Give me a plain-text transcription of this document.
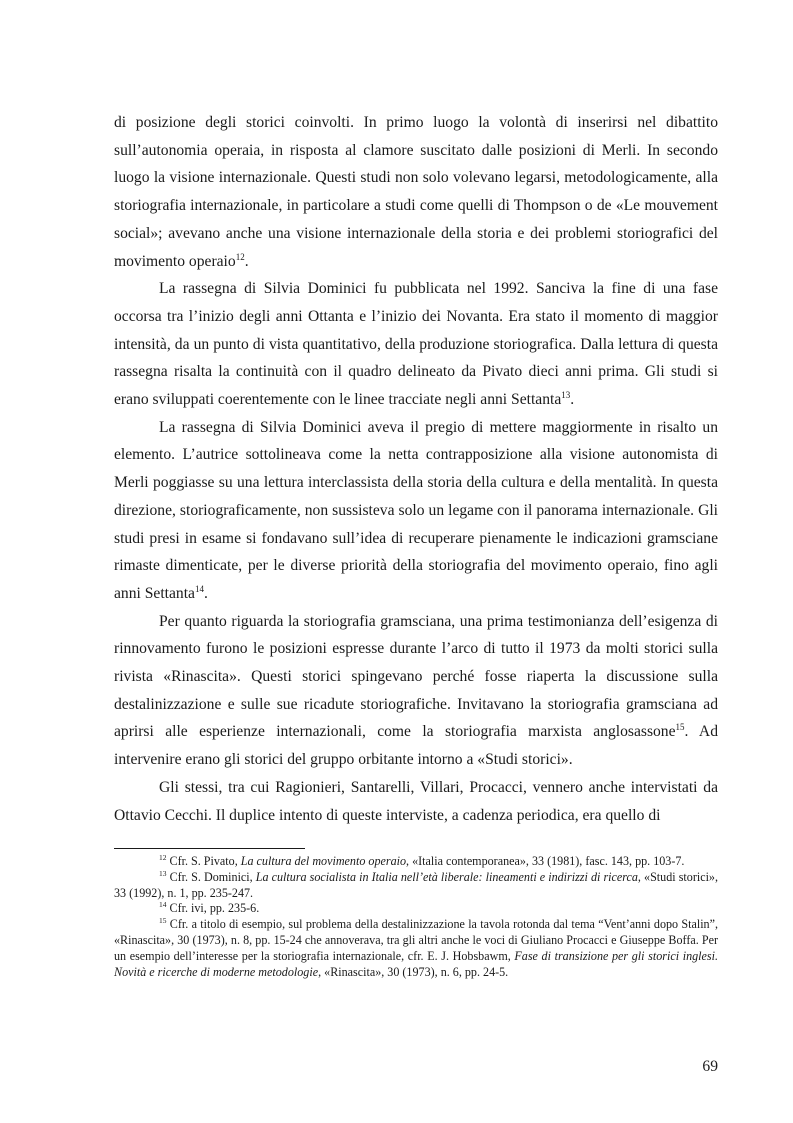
di posizione degli storici coinvolti. In primo luogo la volontà di inserirsi nel dibattito sull’autonomia operaia, in risposta al clamore suscitato dalle posizioni di Merli. In secondo luogo la visione internazionale. Questi studi non solo volevano legarsi, metodologicamente, alla storiografia internazionale, in particolare a studi come quelli di Thompson o de «Le mouvement social»; avevano anche una visione internazionale della storia e dei problemi storiografici del movimento operaio$^{12}$.

La rassegna di Silvia Dominici fu pubblicata nel 1992. Sanciva la fine di una fase occorsa tra l’inizio degli anni Ottanta e l’inizio dei Novanta. Era stato il momento di maggior intensità, da un punto di vista quantitativo, della produzione storiografica. Dalla lettura di questa rassegna risalta la continuità con il quadro delineato da Pivato dieci anni prima. Gli studi si erano sviluppati coerentemente con le linee tracciate negli anni Settanta$^{13}$.

La rassegna di Silvia Dominici aveva il pregio di mettere maggiormente in risalto un elemento. L’autrice sottolineava come la netta contrapposizione alla visione autonomista di Merli poggiasse su una lettura interclassista della storia della cultura e della mentalità. In questa direzione, storiograficamente, non sussisteva solo un legame con il panorama internazionale. Gli studi presi in esame si fondavano sull’idea di recuperare pienamente le indicazioni gramsciane rimaste dimenticate, per le diverse priorità della storiografia del movimento operaio, fino agli anni Settanta$^{14}$.

Per quanto riguarda la storiografia gramsciana, una prima testimonianza dell’esigenza di rinnovamento furono le posizioni espresse durante l’arco di tutto il 1973 da molti storici sulla rivista «Rinascita». Questi storici spingevano perché fosse riaperta la discussione sulla destalinizzazione e sulle sue ricadute storiografiche. Invitavano la storiografia gramsciana ad aprirsi alle esperienze internazionali, come la storiografia marxista anglosassone$^{15}$. Ad intervenire erano gli storici del gruppo orbitante intorno a «Studi storici».

Gli stessi, tra cui Ragionieri, Santarelli, Villari, Procacci, vennero anche intervistati da Ottavio Cecchi. Il duplice intento di queste interviste, a cadenza periodica, era quello di

$^{12}$ Cfr. S. Pivato, La cultura del movimento operaio, «Italia contemporanea», 33 (1981), fasc. 143, pp. 103-7.

$^{13}$ Cfr. S. Dominici, La cultura socialista in Italia nell’età liberale: lineamenti e indirizzi di ricerca, «Studi storici», 33 (1992), n. 1, pp. 235-247.

$^{14}$ Cfr. ivi, pp. 235-6.

$^{15}$ Cfr. a titolo di esempio, sul problema della destalinizzazione la tavola rotonda dal tema “Vent’anni dopo Stalin”, «Rinascita», 30 (1973), n. 8, pp. 15-24 che annoverava, tra gli altri anche le voci di Giuliano Procacci e Giuseppe Boffa. Per un esempio dell’interesse per la storiografia internazionale, cfr. E. J. Hobsbawm, Fase di transizione per gli storici inglesi. Novità e ricerche di moderne metodologie, «Rinascita», 30 (1973), n. 6, pp. 24-5.

69
